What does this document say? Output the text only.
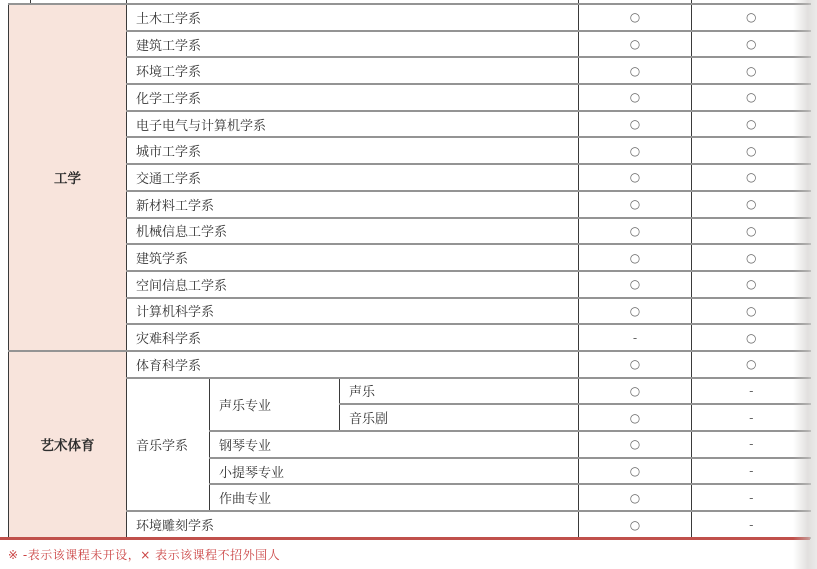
工学	土木工学系			○	○
	建筑工学系			○	○
	环境工学系			○	○
	化学工学系			○	○
	电子电气与计算机学系			○	○
	城市工学系			○	○
	交通工学系			○	○
	新材料工学系			○	○
	机械信息工学系			○	○
	建筑学系			○	○
	空间信息工学系			○	○
	计算机科学系			○	○
	灾难科学系			-	○
艺术体育	体育科学系			○	○
	音乐学系	声乐专业	声乐	○	-
			音乐剧	○	-
		钢琴专业		○	-
		小提琴专业		○	-
		作曲专业		○	-
	环境雕刻学系			○	-
※ -表示该课程未开设，× 表示该课程不招外国人
